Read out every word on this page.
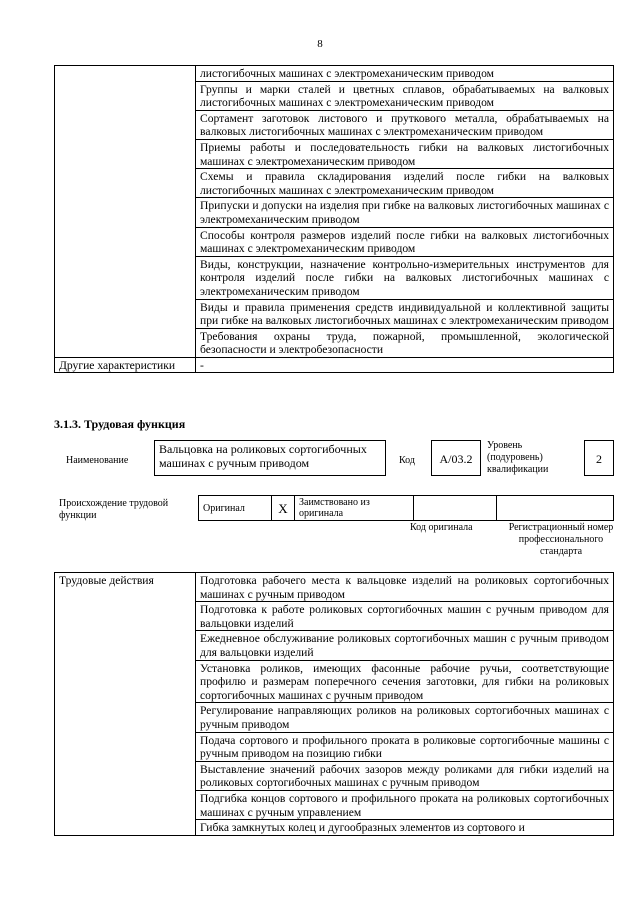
8
	листогибочных машинах с электромеханическим приводом
	Группы и марки сталей и цветных сплавов, обрабатываемых на валковых листогибочных машинах с электромеханическим приводом
	Сортамент заготовок листового и пруткового металла, обрабатываемых на валковых листогибочных машинах с электромеханическим приводом
	Приемы работы и последовательность гибки на валковых листогибочных машинах с электромеханическим приводом
	Схемы и правила складирования изделий после гибки на валковых листогибочных машинах с электромеханическим приводом
	Припуски и допуски на изделия при гибке на валковых листогибочных машинах с электромеханическим приводом
	Способы контроля размеров изделий после гибки на валковых листогибочных машинах с электромеханическим приводом
	Виды, конструкции, назначение контрольно-измерительных инструментов для контроля изделий после гибки на валковых листогибочных машинах с электромеханическим приводом
	Виды и правила применения средств индивидуальной и коллективной защиты при гибке на валковых листогибочных машинах с электромеханическим приводом
	Требования охраны труда, пожарной, промышленной, экологической безопасности и электробезопасности
Другие характеристики	-
3.1.3. Трудовая функция
Наименование
Вальцовка на роликовых сортогибочных машинах с ручным приводом	Код	А/03.2
Уровень (подуровень) квалификации
2
Происхождение трудовой функции
Оригинал	X	Заимствовано из оригинала		
Код оригинала	Регистрационный номер профессионального стандарта
Трудовые действия	Подготовка рабочего места к вальцовке изделий на роликовых сортогибочных машинах с ручным приводом
Подготовка к работе роликовых сортогибочных машин с ручным приводом для вальцовки изделий
Ежедневное обслуживание роликовых сортогибочных машин с ручным приводом для вальцовки изделий
Установка роликов, имеющих фасонные рабочие ручьи, соответствующие профилю и размерам поперечного сечения заготовки, для гибки на роликовых сортогибочных машинах с ручным приводом
Регулирование направляющих роликов на роликовых сортогибочных машинах с ручным приводом
Подача сортового и профильного проката в роликовые сортогибочные машины с ручным приводом на позицию гибки
Выставление значений рабочих зазоров между роликами для гибки изделий на роликовых сортогибочных машинах с ручным приводом
Подгибка концов сортового и профильного проката на роликовых сортогибочных машинах с ручным управлением
Гибка замкнутых колец и дугообразных элементов из сортового и
